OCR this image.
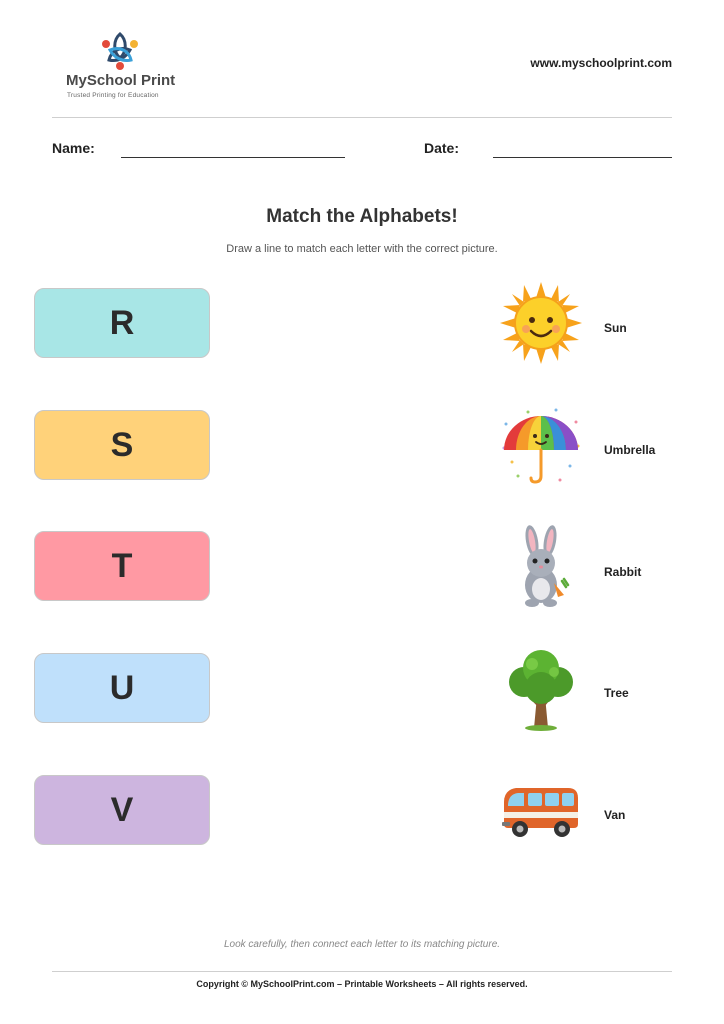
MySchool Print
Trusted Printing for Education
www.myschoolprint.com
Name:	Date:
Match the Alphabets!
Draw a line to match each letter with the correct picture.
R
S
T
U
V
Sun
Umbrella
Rabbit
Tree
Van
Look carefully, then connect each letter to its matching picture.
Copyright © MySchoolPrint.com – Printable Worksheets – All rights reserved.
